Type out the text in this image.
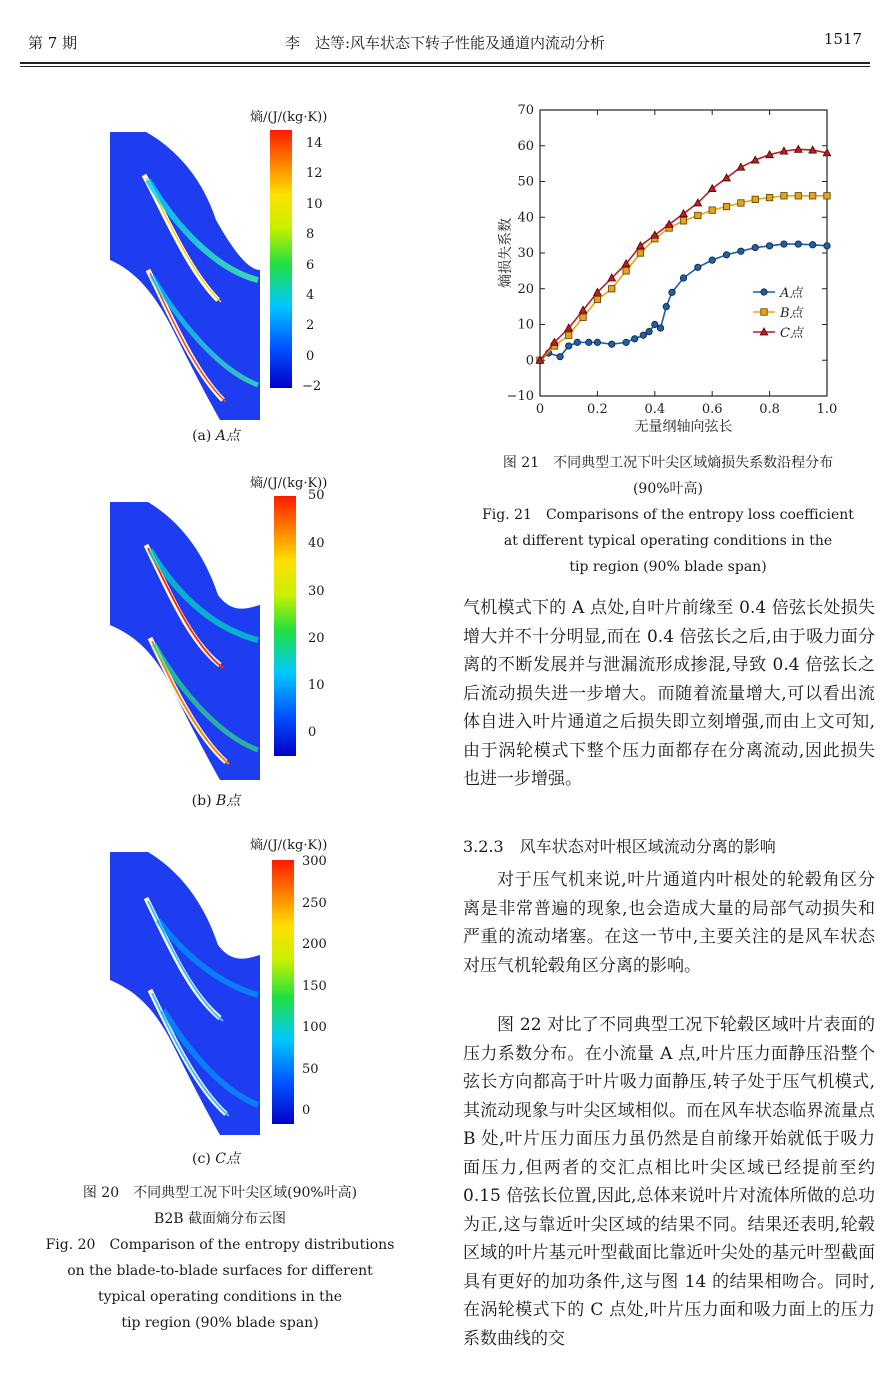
第 7 期	李　达等:风车状态下转子性能及通道内流动分析	1517
熵/(J/(kg·K))
14
12
10
8
6
4
2
0
−2
(a) A点
熵/(J/(kg·K))
50
40
30
20
10
0
(b) B点
熵/(J/(kg·K))
300
250
200
150
100
50
0
(c) C点
图 20　不同典型工况下叶尖区域(90%叶高)
B2B 截面熵分布云图
Fig. 20　Comparison of the entropy distributions
on the blade-to-blade surfaces for different
typical operating conditions in the
tip region (90% blade span)
−10
0
10
20
30
40
50
60
70
0	0.2	0.4	0.6	0.8	1.0
无量纲轴向弦长
熵损失系数
A点
B点
C点
图 21　不同典型工况下叶尖区域熵损失系数沿程分布
(90%叶高)
Fig. 21　Comparisons of the entropy loss coefficient
at different typical operating conditions in the
tip region (90% blade span)

气机模式下的 A 点处,自叶片前缘至 0.4 倍弦长处损失增大并不十分明显,而在 0.4 倍弦长之后,由于吸力面分离的不断发展并与泄漏流形成掺混,导致 0.4 倍弦长之后流动损失进一步增大。而随着流量增大,可以看出流体自进入叶片通道之后损失即立刻增强,而由上文可知,由于涡轮模式下整个压力面都存在分离流动,因此损失也进一步增强。

3.2.3　风车状态对叶根区域流动分离的影响

对于压气机来说,叶片通道内叶根处的轮毂角区分离是非常普遍的现象,也会造成大量的局部气动损失和严重的流动堵塞。在这一节中,主要关注的是风车状态对压气机轮毂角区分离的影响。

图 22 对比了不同典型工况下轮毂区域叶片表面的压力系数分布。在小流量 A 点,叶片压力面静压沿整个弦长方向都高于叶片吸力面静压,转子处于压气机模式,其流动现象与叶尖区域相似。而在风车状态临界流量点 B 处,叶片压力面压力虽仍然是自前缘开始就低于吸力面压力,但两者的交汇点相比叶尖区域已经提前至约 0.15 倍弦长位置,因此,总体来说叶片对流体所做的总功为正,这与靠近叶尖区域的结果不同。结果还表明,轮毂区域的叶片基元叶型截面比靠近叶尖处的基元叶型截面具有更好的加功条件,这与图 14 的结果相吻合。同时,在涡轮模式下的 C 点处,叶片压力面和吸力面上的压力系数曲线的交
